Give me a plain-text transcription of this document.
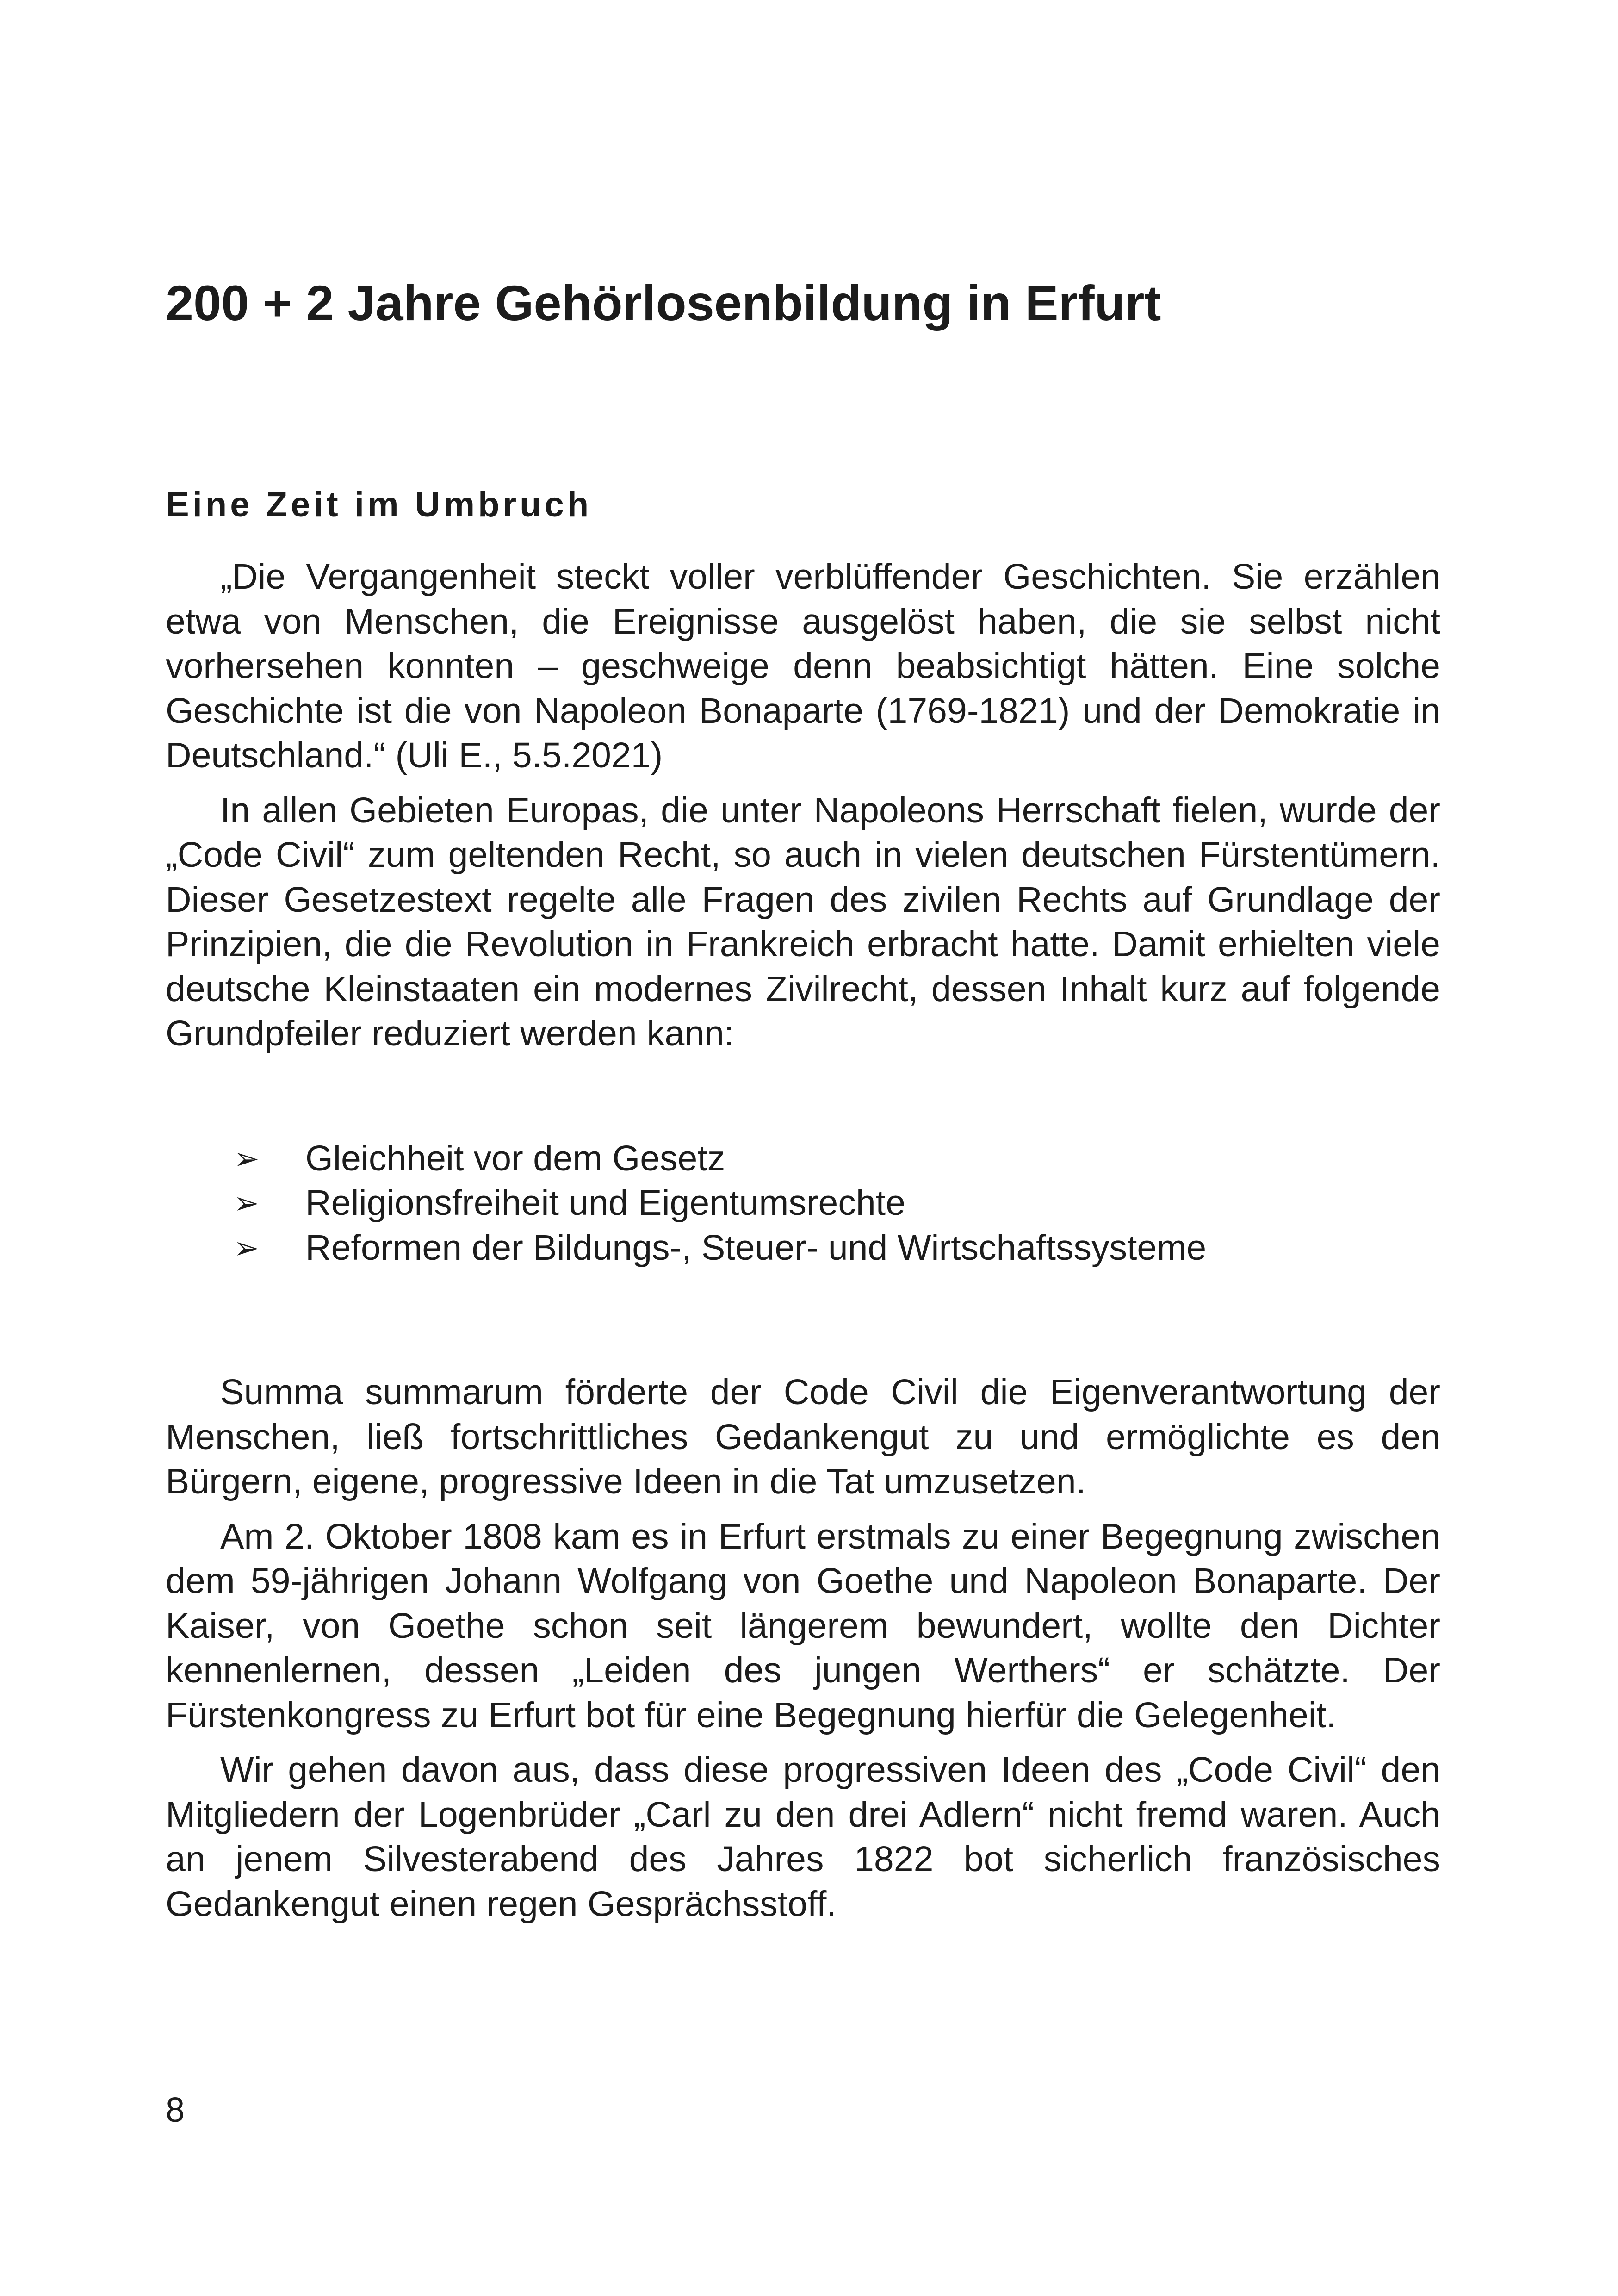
200 + 2 Jahre Gehörlosenbildung in Erfurt
Eine Zeit im Umbruch

„Die Vergangenheit steckt voller verblüffender Geschichten. Sie erzählen etwa von Menschen, die Ereignisse ausgelöst haben, die sie selbst nicht vorhersehen konnten – geschweige denn beabsichtigt hätten. Eine solche Geschichte ist die von Napoleon Bonaparte (1769-1821) und der Demokratie in Deutschland.“ (Uli E., 5.5.2021)

In allen Gebieten Europas, die unter Napoleons Herrschaft fielen, wurde der „Code Civil“ zum geltenden Recht, so auch in vielen deutschen Fürstentümern. Dieser Gesetzestext regelte alle Fragen des zivilen Rechts auf Grundlage der Prinzipien, die die Revolution in Frankreich erbracht hatte. Damit erhielten viele deutsche Kleinstaaten ein modernes Zivilrecht, dessen Inhalt kurz auf folgende Grundpfeiler reduziert werden kann:

➢	Gleichheit vor dem Gesetz
➢	Religionsfreiheit und Eigentumsrechte
➢	Reformen der Bildungs-, Steuer- und Wirtschaftssysteme

Summa summarum förderte der Code Civil die Eigenverantwortung der Menschen, ließ fortschrittliches Gedankengut zu und ermöglichte es den Bürgern, eigene, progressive Ideen in die Tat umzusetzen.

Am 2. Oktober 1808 kam es in Erfurt erstmals zu einer Begegnung zwischen dem 59-jährigen Johann Wolfgang von Goethe und Napoleon Bonaparte. Der Kaiser, von Goethe schon seit längerem bewundert, wollte den Dichter kennenlernen, dessen „Leiden des jungen Werthers“ er schätzte. Der Fürstenkongress zu Erfurt bot für eine Begegnung hierfür die Gelegenheit.

Wir gehen davon aus, dass diese progressiven Ideen des „Code Civil“ den Mitgliedern der Logenbrüder „Carl zu den drei Adlern“ nicht fremd waren. Auch an jenem Silvesterabend des Jahres 1822 bot sicherlich französisches Gedankengut einen regen Gesprächsstoff.

8
